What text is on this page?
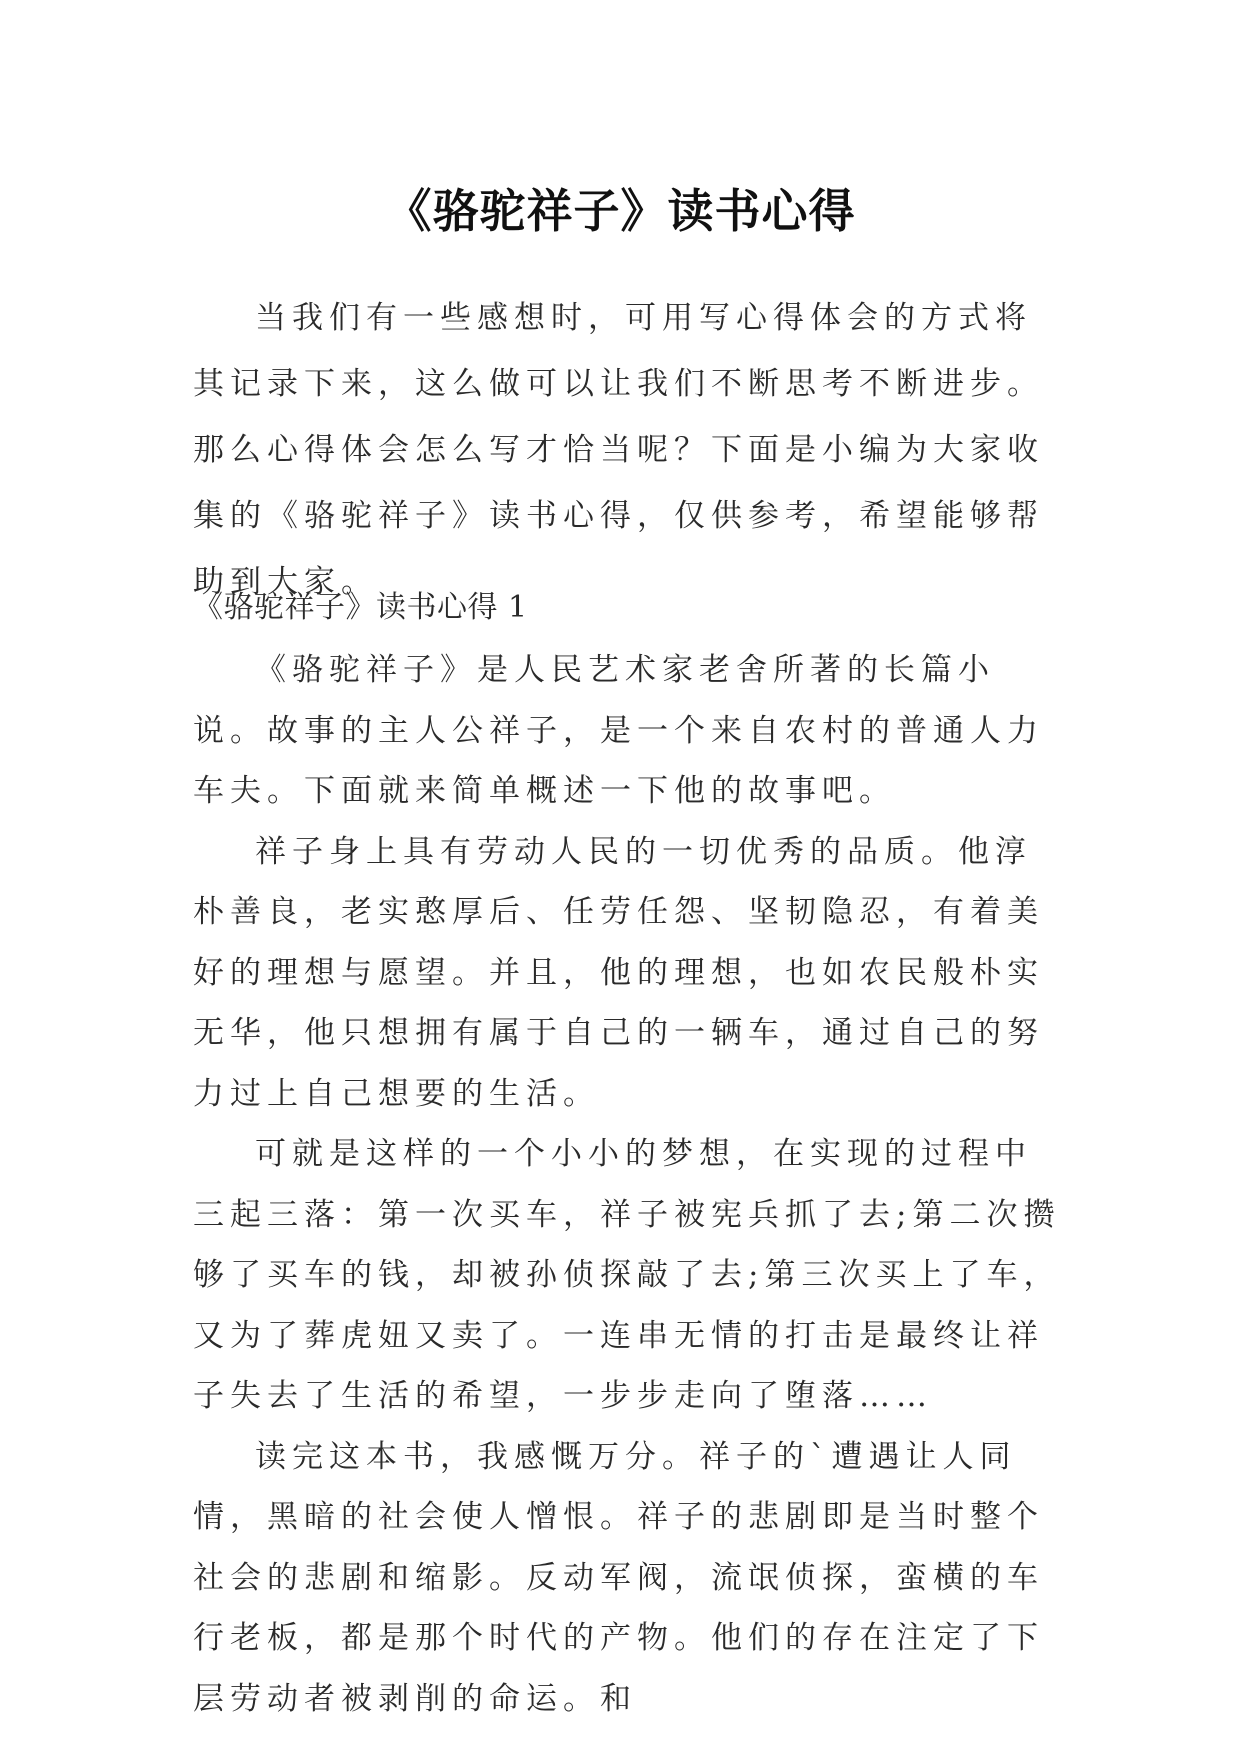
《骆驼祥子》读书心得

当我们有一些感想时，可用写心得体会的方式将其记录下来，这么做可以让我们不断思考不断进步。那么心得体会怎么写才恰当呢？下面是小编为大家收集的《骆驼祥子》读书心得，仅供参考，希望能够帮助到大家。

《骆驼祥子》读书心得 1

《骆驼祥子》是人民艺术家老舍所著的长篇小说。故事的主人公祥子，是一个来自农村的普通人力车夫。下面就来简单概述一下他的故事吧。

祥子身上具有劳动人民的一切优秀的品质。他淳朴善良，老实憨厚后、任劳任怨、坚韧隐忍，有着美好的理想与愿望。并且，他的理想，也如农民般朴实无华，他只想拥有属于自己的一辆车，通过自己的努力过上自己想要的生活。

可就是这样的一个小小的梦想，在实现的过程中三起三落：第一次买车，祥子被宪兵抓了去;第二次攒够了买车的钱，却被孙侦探敲了去;第三次买上了车，又为了葬虎妞又卖了。一连串无情的打击是最终让祥子失去了生活的希望，一步步走向了堕落……

读完这本书，我感慨万分。祥子的`遭遇让人同情，黑暗的社会使人憎恨。祥子的悲剧即是当时整个社会的悲剧和缩影。反动军阀，流氓侦探，蛮横的车行老板，都是那个时代的产物。他们的存在注定了下层劳动者被剥削的命运。和
